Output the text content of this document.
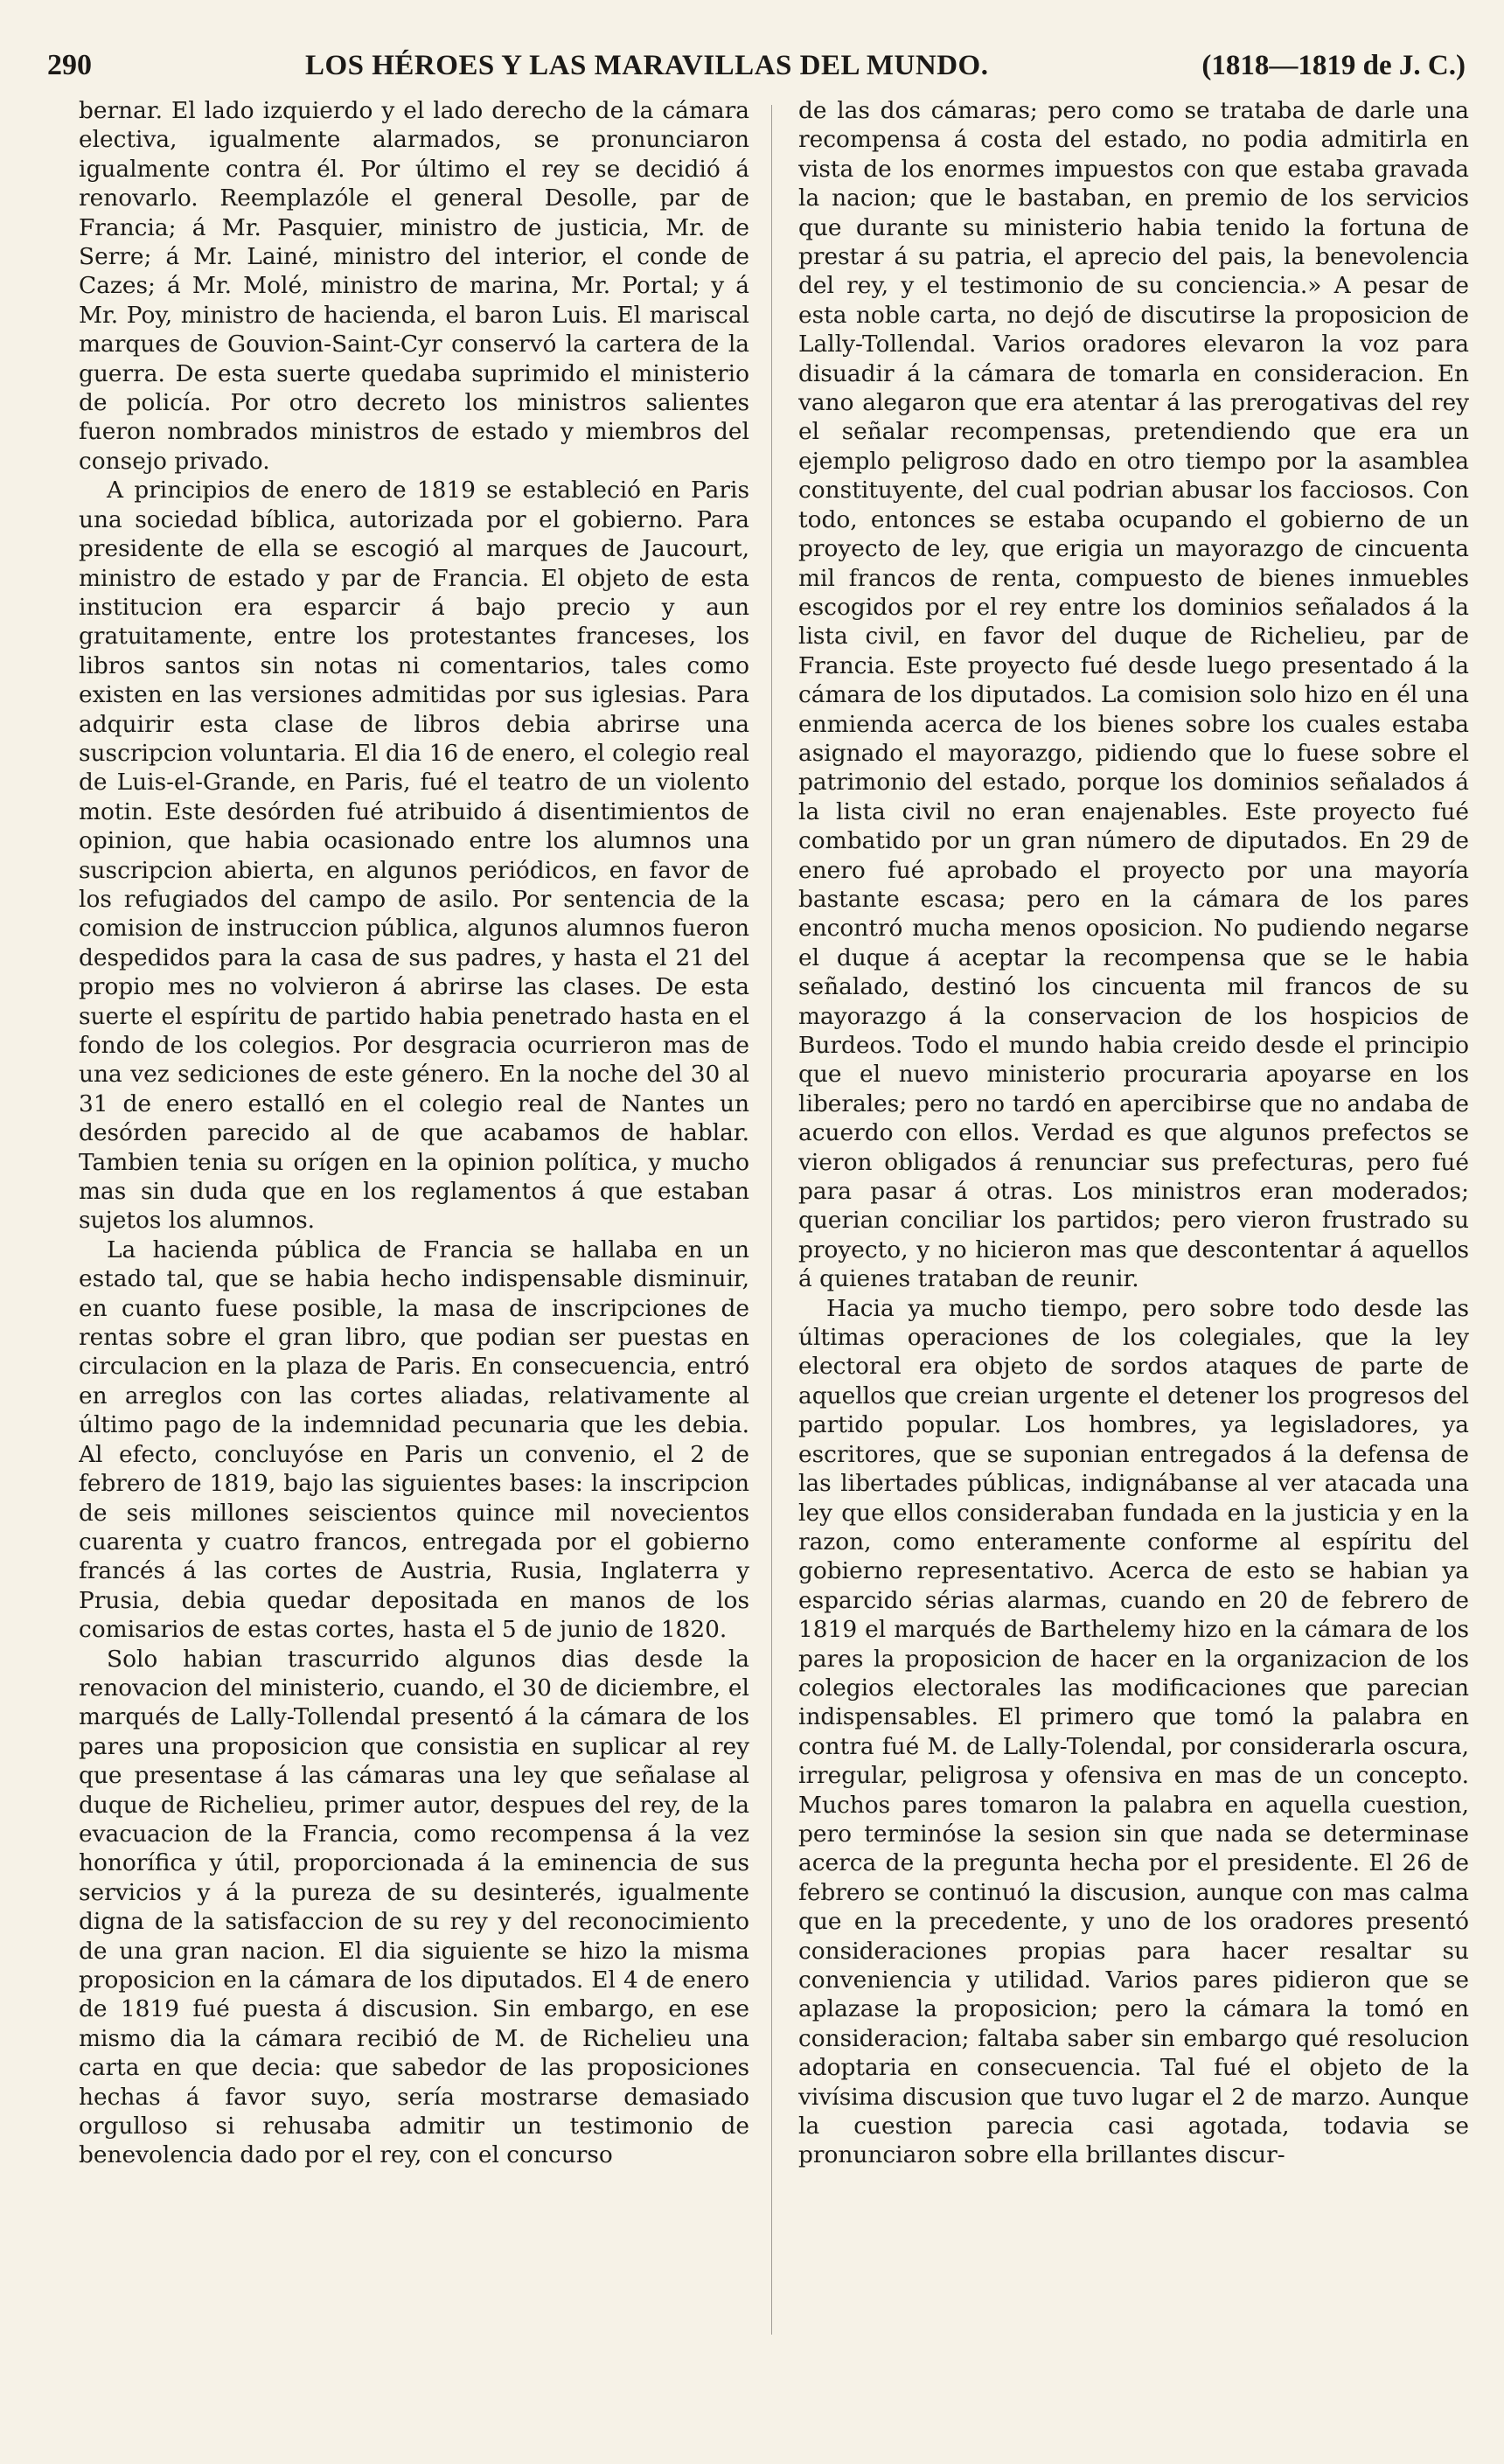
290	LOS HÉROES Y LAS MARAVILLAS DEL MUNDO.	(1818—1819 de J. C.)

bernar. El lado izquierdo y el lado derecho de la cámara electiva, igualmente alarmados, se pronunciaron igualmente contra él. Por último el rey se decidió á renovarlo. Reemplazóle el general Desolle, par de Francia; á Mr. Pasquier, ministro de justicia, Mr. de Serre; á Mr. Lainé, ministro del interior, el conde de Cazes; á Mr. Molé, ministro de marina, Mr. Portal; y á Mr. Poy, ministro de hacienda, el baron Luis. El mariscal marques de Gouvion-Saint-Cyr conservó la cartera de la guerra. De esta suerte quedaba suprimido el ministerio de policía. Por otro decreto los ministros salientes fueron nombrados ministros de estado y miembros del consejo privado.

A principios de enero de 1819 se estableció en Paris una sociedad bíblica, autorizada por el gobierno. Para presidente de ella se escogió al marques de Jaucourt, ministro de estado y par de Francia. El objeto de esta institucion era esparcir á bajo precio y aun gratuitamente, entre los protestantes franceses, los libros santos sin notas ni comentarios, tales como existen en las versiones admitidas por sus iglesias. Para adquirir esta clase de libros debia abrirse una suscripcion voluntaria. El dia 16 de enero, el colegio real de Luis-el-Grande, en Paris, fué el teatro de un violento motin. Este desórden fué atribuido á disentimientos de opinion, que habia ocasionado entre los alumnos una suscripcion abierta, en algunos periódicos, en favor de los refugiados del campo de asilo. Por sentencia de la comision de instruccion pública, algunos alumnos fueron despedidos para la casa de sus padres, y hasta el 21 del propio mes no volvieron á abrirse las clases. De esta suerte el espíritu de partido habia penetrado hasta en el fondo de los colegios. Por desgracia ocurrieron mas de una vez sediciones de este género. En la noche del 30 al 31 de enero estalló en el colegio real de Nantes un desórden parecido al de que acabamos de hablar. Tambien tenia su orígen en la opinion política, y mucho mas sin duda que en los reglamentos á que estaban sujetos los alumnos.

La hacienda pública de Francia se hallaba en un estado tal, que se habia hecho indispensable disminuir, en cuanto fuese posible, la masa de inscripciones de rentas sobre el gran libro, que podian ser puestas en circulacion en la plaza de Paris. En consecuencia, entró en arreglos con las cortes aliadas, relativamente al último pago de la indemnidad pecunaria que les debia. Al efecto, concluyóse en Paris un convenio, el 2 de febrero de 1819, bajo las siguientes bases: la inscripcion de seis millones seiscientos quince mil novecientos cuarenta y cuatro francos, entregada por el gobierno francés á las cortes de Austria, Rusia, Inglaterra y Prusia, debia quedar depositada en manos de los comisarios de estas cortes, hasta el 5 de junio de 1820.

Solo habian trascurrido algunos dias desde la renovacion del ministerio, cuando, el 30 de diciembre, el marqués de Lally-Tollendal presentó á la cámara de los pares una proposicion que consistia en suplicar al rey que presentase á las cámaras una ley que señalase al duque de Richelieu, primer autor, despues del rey, de la evacuacion de la Francia, como recompensa á la vez honorífica y útil, proporcionada á la eminencia de sus servicios y á la pureza de su desinterés, igualmente digna de la satisfaccion de su rey y del reconocimiento de una gran nacion. El dia siguiente se hizo la misma proposicion en la cámara de los diputados. El 4 de enero de 1819 fué puesta á discusion. Sin embargo, en ese mismo dia la cámara recibió de M. de Richelieu una carta en que decia: que sabedor de las proposiciones hechas á favor suyo, sería mostrarse demasiado orgulloso si rehusaba admitir un testimonio de benevolencia dado por el rey, con el concurso

de las dos cámaras; pero como se trataba de darle una recompensa á costa del estado, no podia admitirla en vista de los enormes impuestos con que estaba gravada la nacion; que le bastaban, en premio de los servicios que durante su ministerio habia tenido la fortuna de prestar á su patria, el aprecio del pais, la benevolencia del rey, y el testimonio de su conciencia.» A pesar de esta noble carta, no dejó de discutirse la proposicion de Lally-Tollendal. Varios oradores elevaron la voz para disuadir á la cámara de tomarla en consideracion. En vano alegaron que era atentar á las prerogativas del rey el señalar recompensas, pretendiendo que era un ejemplo peligroso dado en otro tiempo por la asamblea constituyente, del cual podrian abusar los facciosos. Con todo, entonces se estaba ocupando el gobierno de un proyecto de ley, que erigia un mayorazgo de cincuenta mil francos de renta, compuesto de bienes inmuebles escogidos por el rey entre los dominios señalados á la lista civil, en favor del duque de Richelieu, par de Francia. Este proyecto fué desde luego presentado á la cámara de los diputados. La comision solo hizo en él una enmienda acerca de los bienes sobre los cuales estaba asignado el mayorazgo, pidiendo que lo fuese sobre el patrimonio del estado, porque los dominios señalados á la lista civil no eran enajenables. Este proyecto fué combatido por un gran número de diputados. En 29 de enero fué aprobado el proyecto por una mayoría bastante escasa; pero en la cámara de los pares encontró mucha menos oposicion. No pudiendo negarse el duque á aceptar la recompensa que se le habia señalado, destinó los cincuenta mil francos de su mayorazgo á la conservacion de los hospicios de Burdeos. Todo el mundo habia creido desde el principio que el nuevo ministerio procuraria apoyarse en los liberales; pero no tardó en apercibirse que no andaba de acuerdo con ellos. Verdad es que algunos prefectos se vieron obligados á renunciar sus prefecturas, pero fué para pasar á otras. Los ministros eran moderados; querian conciliar los partidos; pero vieron frustrado su proyecto, y no hicieron mas que descontentar á aquellos á quienes trataban de reunir.

Hacia ya mucho tiempo, pero sobre todo desde las últimas operaciones de los colegiales, que la ley electoral era objeto de sordos ataques de parte de aquellos que creian urgente el detener los progresos del partido popular. Los hombres, ya legisladores, ya escritores, que se suponian entregados á la defensa de las libertades públicas, indignábanse al ver atacada una ley que ellos consideraban fundada en la justicia y en la razon, como enteramente conforme al espíritu del gobierno representativo. Acerca de esto se habian ya esparcido sérias alarmas, cuando en 20 de febrero de 1819 el marqués de Barthelemy hizo en la cámara de los pares la proposicion de hacer en la organizacion de los colegios electorales las modificaciones que parecian indispensables. El primero que tomó la palabra en contra fué M. de Lally-Tolendal, por considerarla oscura, irregular, peligrosa y ofensiva en mas de un concepto. Muchos pares tomaron la palabra en aquella cuestion, pero terminóse la sesion sin que nada se determinase acerca de la pregunta hecha por el presidente. El 26 de febrero se continuó la discusion, aunque con mas calma que en la precedente, y uno de los oradores presentó consideraciones propias para hacer resaltar su conveniencia y utilidad. Varios pares pidieron que se aplazase la proposicion; pero la cámara la tomó en consideracion; faltaba saber sin embargo qué resolucion adoptaria en consecuencia. Tal fué el objeto de la vivísima discusion que tuvo lugar el 2 de marzo. Aunque la cuestion parecia casi agotada, todavia se pronunciaron sobre ella brillantes discur-
